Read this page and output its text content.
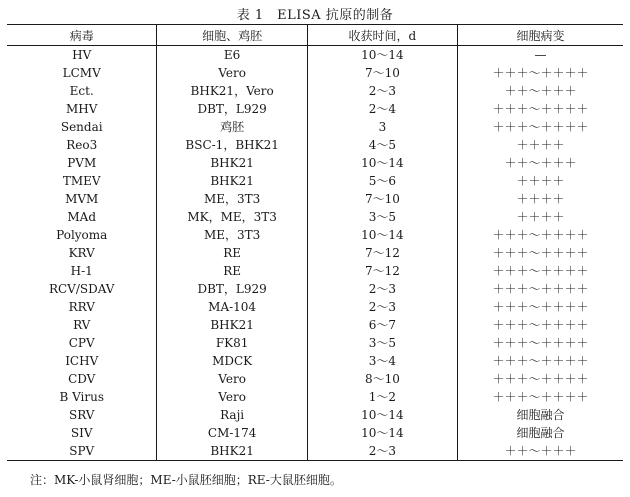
表 1　ELISA 抗原的制备
病毒	细胞、鸡胚	收获时间，d	细胞病变
HV	E6	10～14	—
LCMV	Vero	7～10	＋＋＋～＋＋＋＋
Ect.	BHK21，Vero	2～3	＋＋～＋＋＋
MHV	DBT，L929	2～4	＋＋＋～＋＋＋＋
Sendai	鸡胚	3	＋＋＋～＋＋＋＋
Reo3	BSC-1，BHK21	4～5	＋＋＋＋
PVM	BHK21	10～14	＋＋～＋＋＋
TMEV	BHK21	5～6	＋＋＋＋
MVM	ME，3T3	7～10	＋＋＋＋
MAd	MK，ME，3T3	3～5	＋＋＋＋
Polyoma	ME，3T3	10～14	＋＋＋～＋＋＋＋
KRV	RE	7～12	＋＋＋～＋＋＋＋
H-1	RE	7～12	＋＋＋～＋＋＋＋
RCV/SDAV	DBT，L929	2～3	＋＋＋～＋＋＋＋
RRV	MA-104	2～3	＋＋＋～＋＋＋＋
RV	BHK21	6～7	＋＋＋～＋＋＋＋
CPV	FK81	3～5	＋＋＋～＋＋＋＋
ICHV	MDCK	3～4	＋＋＋～＋＋＋＋
CDV	Vero	8～10	＋＋＋～＋＋＋＋
B Virus	Vero	1～2	＋＋＋～＋＋＋＋
SRV	Raji	10～14	细胞融合
SIV	CM-174	10～14	细胞融合
SPV	BHK21	2～3	＋＋～＋＋＋
注：MK-小鼠肾细胞；ME-小鼠胚细胞；RE-大鼠胚细胞。
